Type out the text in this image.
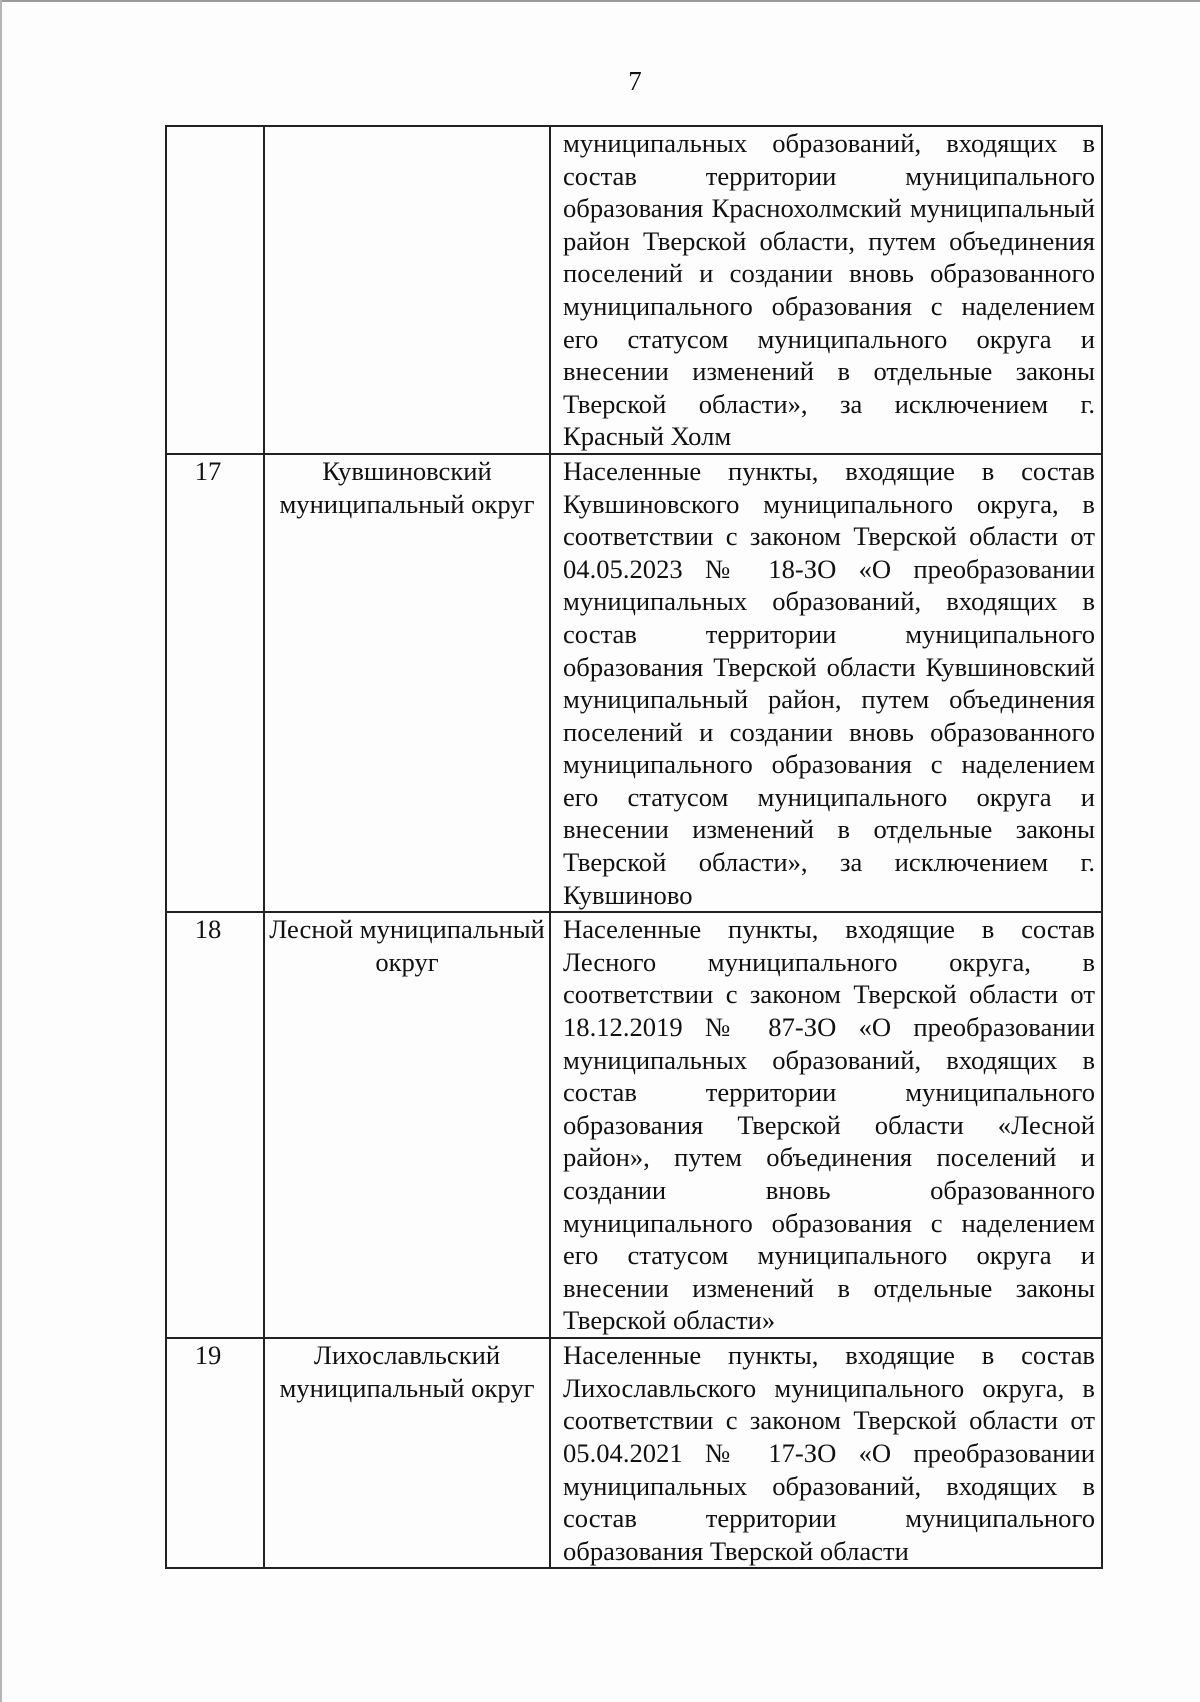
7

		муниципальных образований, входящих в состав территории муниципального образования Краснохолмский муниципальный район Тверской области, путем объединения поселений и создании вновь образованного муниципального образования с наделением его статусом муниципального округа и внесении изменений в отдельные законы Тверской области», за исключением г. Красный Холм

17	Кувшиновский муниципальный округ	Населенные пункты, входящие в состав Кувшиновского муниципального округа, в соответствии с законом Тверской области от 04.05.2023 № 18-ЗО «О преобразовании муниципальных образований, входящих в состав территории муниципального образования Тверской области Кувшиновский муниципальный район, путем объединения поселений и создании вновь образованного муниципального образования с наделением его статусом муниципального округа и внесении изменений в отдельные законы Тверской области», за исключением г. Кувшиново

18	Лесной муниципальный округ	Населенные пункты, входящие в состав Лесного муниципального округа, в соответствии с законом Тверской области от 18.12.2019 № 87-ЗО «О преобразовании муниципальных образований, входящих в состав территории муниципального образования Тверской области «Лесной район», путем объединения поселений и создании вновь образованного муниципального образования с наделением его статусом муниципального округа и внесении изменений в отдельные законы Тверской области»

19	Лихославльский муниципальный округ	Населенные пункты, входящие в состав Лихославльского муниципального округа, в соответствии с законом Тверской области от 05.04.2021 № 17-ЗО «О преобразовании муниципальных образований, входящих в состав территории муниципального образования Тверской области
